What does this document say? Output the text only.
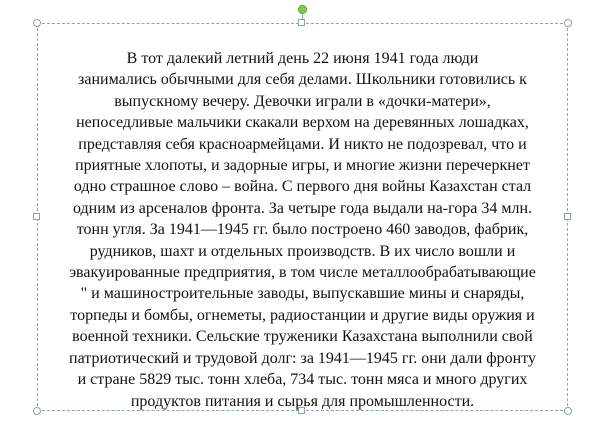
В тот далекий летний день 22 июня 1941 года люди
занимались обычными для себя делами. Школьники готовились к
выпускному вечеру. Девочки играли в «дочки-матери»,
непоседливые мальчики скакали верхом на деревянных лошадках,
представляя себя красноармейцами. И никто не подозревал, что и
приятные хлопоты, и задорные игры, и многие жизни перечеркнет
одно страшное слово – война. С первого дня войны Казахстан стал
одним из арсеналов фронта. За четыре года выдали на-гора 34 млн.
тонн угля. За 1941—1945 гг. было построено 460 заводов, фабрик,
рудников, шахт и отдельных производств. В их число вошли и
эвакуированные предприятия, в том числе металлообрабатывающие
" и машиностроительные заводы, выпускавшие мины и снаряды,
торпеды и бомбы, огнеметы, радиостанции и другие виды оружия и
военной техники. Сельские труженики Казахстана выполнили свой
патриотический и трудовой долг: за 1941—1945 гг. они дали фронту
и стране 5829 тыс. тонн хлеба, 734 тыс. тонн мяса и много других
продуктов питания и сырья для промышленности.
